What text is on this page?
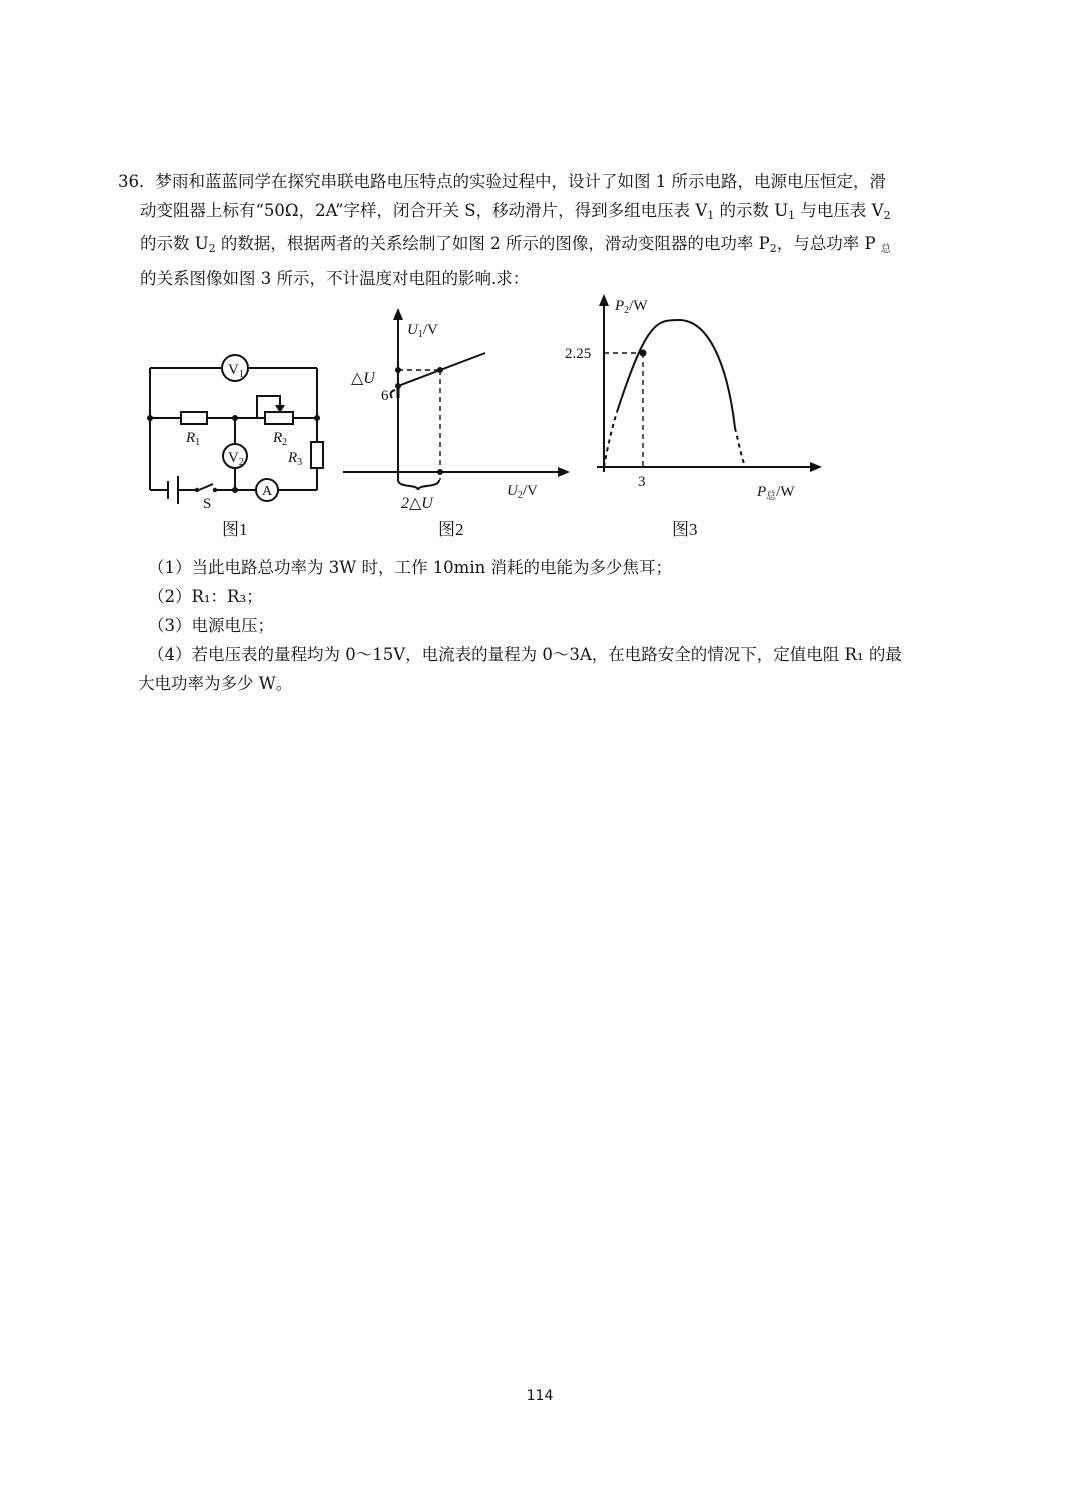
36．梦雨和蓝蓝同学在探究串联电路电压特点的实验过程中，设计了如图 1 所示电路，电源电压恒定，滑
动变阻器上标有“50Ω，2A”字样，闭合开关 S，移动滑片，得到多组电压表 $V_1$ 的示数 $U_1$ 与电压表 $V_2$
的示数 $U_2$ 的数据，根据两者的关系绘制了如图 2 所示的图像，滑动变阻器的电功率 $P_2$，与总功率 P 总
的关系图像如图 3 所示，不计温度对电阻的影响.求：
$V_1$
$V_2$
A
$R_1$	$R_2$
$R_3$
S
图1
$U_1/V$
$U_2/V$
6
△U
2△U
图2
$P_2/W$
$P_总/W$
2.25
3
图3
（1）当此电路总功率为 3W 时，工作 10min 消耗的电能为多少焦耳；
（2）R₁：R₃；
（3）电源电压；
（4）若电压表的量程均为 0～15V，电流表的量程为 0～3A，在电路安全的情况下，定值电阻 R₁ 的最
大电功率为多少 W。
114
